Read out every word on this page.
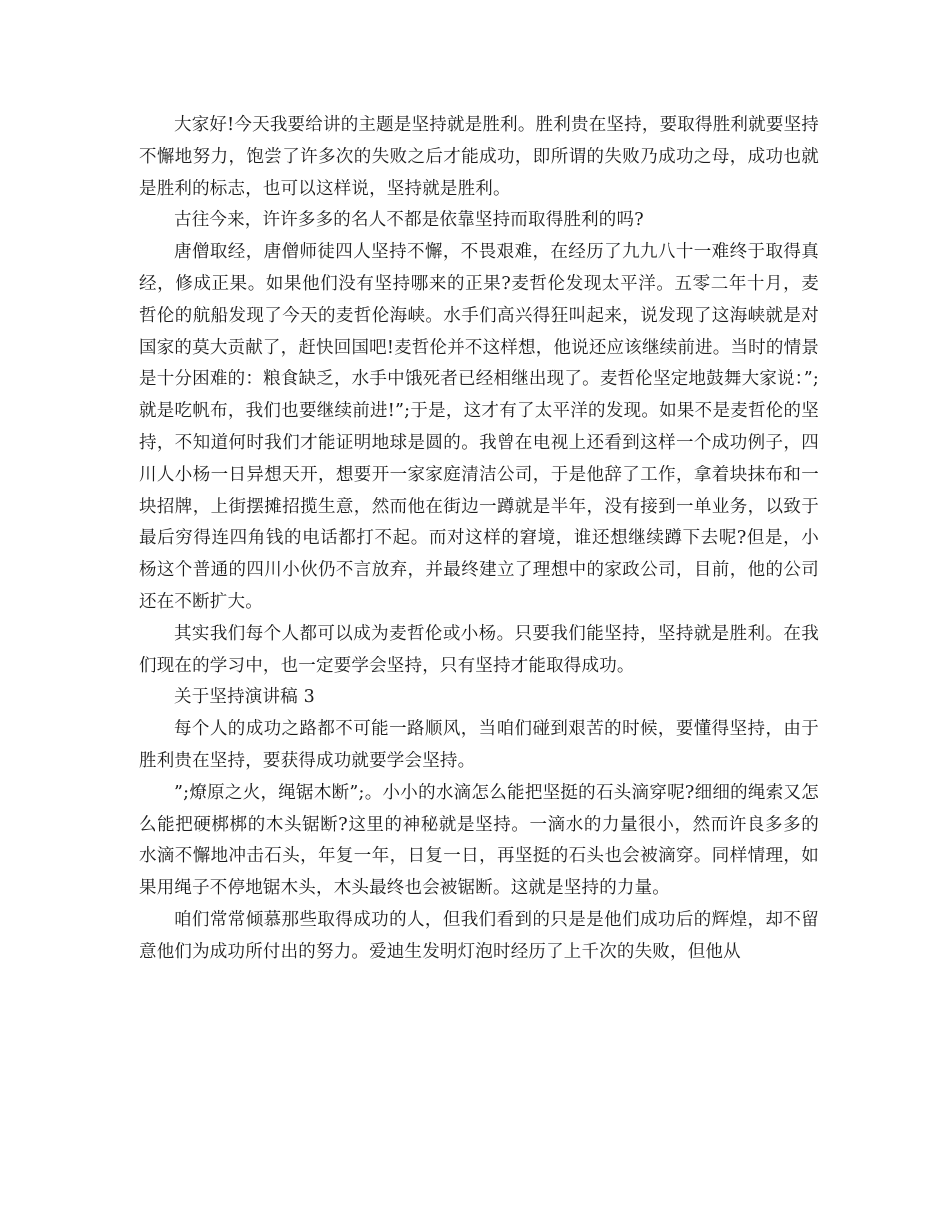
大家好!今天我要给讲的主题是坚持就是胜利。胜利贵在坚持，要取得胜利就要坚持不懈地努力，饱尝了许多次的失败之后才能成功，即所谓的失败乃成功之母，成功也就是胜利的标志，也可以这样说，坚持就是胜利。

古往今来，许许多多的名人不都是依靠坚持而取得胜利的吗?

唐僧取经，唐僧师徒四人坚持不懈，不畏艰难，在经历了九九八十一难终于取得真经，修成正果。如果他们没有坚持哪来的正果?麦哲伦发现太平洋。五零二年十月，麦哲伦的航船发现了今天的麦哲伦海峡。水手们高兴得狂叫起来，说发现了这海峡就是对国家的莫大贡献了，赶快回国吧!麦哲伦并不这样想，他说还应该继续前进。当时的情景是十分困难的：粮食缺乏，水手中饿死者已经相继出现了。麦哲伦坚定地鼓舞大家说：”;就是吃帆布，我们也要继续前进!”;于是，这才有了太平洋的发现。如果不是麦哲伦的坚持，不知道何时我们才能证明地球是圆的。我曾在电视上还看到这样一个成功例子，四川人小杨一日异想天开，想要开一家家庭清洁公司，于是他辞了工作，拿着块抹布和一块招牌，上街摆摊招揽生意，然而他在街边一蹲就是半年，没有接到一单业务，以致于最后穷得连四角钱的电话都打不起。而对这样的窘境，谁还想继续蹲下去呢?但是，小杨这个普通的四川小伙仍不言放弃，并最终建立了理想中的家政公司，目前，他的公司还在不断扩大。

其实我们每个人都可以成为麦哲伦或小杨。只要我们能坚持，坚持就是胜利。在我们现在的学习中，也一定要学会坚持，只有坚持才能取得成功。

关于坚持演讲稿 3

每个人的成功之路都不可能一路顺风，当咱们碰到艰苦的时候，要懂得坚持，由于胜利贵在坚持，要获得成功就要学会坚持。

”;燎原之火，绳锯木断”;。小小的水滴怎么能把坚挺的石头滴穿呢?细细的绳索又怎么能把硬梆梆的木头锯断?这里的神秘就是坚持。一滴水的力量很小，然而许良多多的水滴不懈地冲击石头，年复一年，日复一日，再坚挺的石头也会被滴穿。同样情理，如果用绳子不停地锯木头，木头最终也会被锯断。这就是坚持的力量。

咱们常常倾慕那些取得成功的人，但我们看到的只是是他们成功后的辉煌，却不留意他们为成功所付出的努力。爱迪生发明灯泡时经历了上千次的失败，但他从
